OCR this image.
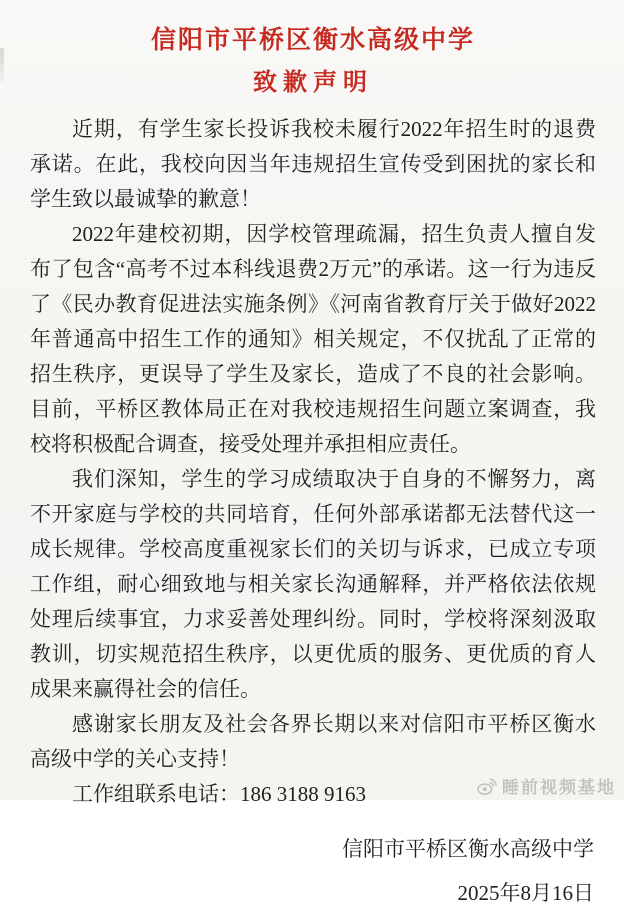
信阳市平桥区衡水高级中学
致歉声明

近期，有学生家长投诉我校未履行2022年招生时的退费承诺。在此，我校向因当年违规招生宣传受到困扰的家长和学生致以最诚挚的歉意！

2022年建校初期，因学校管理疏漏，招生负责人擅自发布了包含“高考不过本科线退费2万元”的承诺。这一行为违反了《民办教育促进法实施条例》《河南省教育厅关于做好2022年普通高中招生工作的通知》相关规定，不仅扰乱了正常的招生秩序，更误导了学生及家长，造成了不良的社会影响。目前，平桥区教体局正在对我校违规招生问题立案调查，我校将积极配合调查，接受处理并承担相应责任。

我们深知，学生的学习成绩取决于自身的不懈努力，离不开家庭与学校的共同培育，任何外部承诺都无法替代这一成长规律。学校高度重视家长们的关切与诉求，已成立专项工作组，耐心细致地与相关家长沟通解释，并严格依法依规处理后续事宜，力求妥善处理纠纷。同时，学校将深刻汲取教训，切实规范招生秩序，以更优质的服务、更优质的育人成果来赢得社会的信任。

感谢家长朋友及社会各界长期以来对信阳市平桥区衡水高级中学的关心支持！

工作组联系电话：186 3188 9163

信阳市平桥区衡水高级中学
2025年8月16日
睡前视频基地
